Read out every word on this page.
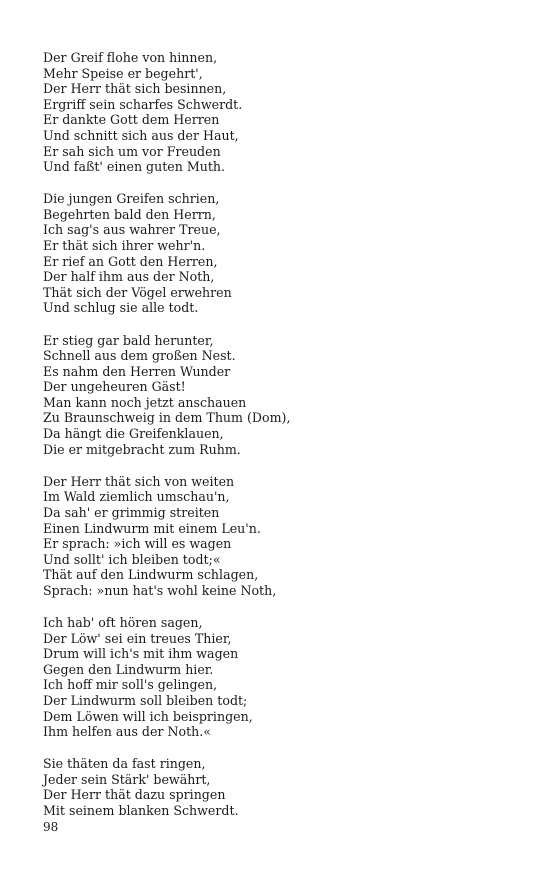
Der Greif flohe von hinnen,
Mehr Speise er begehrt',
Der Herr thät sich besinnen,
Ergriff sein scharfes Schwerdt.
Er dankte Gott dem Herren
Und schnitt sich aus der Haut,
Er sah sich um vor Freuden
Und faßt' einen guten Muth.
Die jungen Greifen schrien,
Begehrten bald den Herrn,
Ich sag's aus wahrer Treue,
Er thät sich ihrer wehr'n.
Er rief an Gott den Herren,
Der half ihm aus der Noth,
Thät sich der Vögel erwehren
Und schlug sie alle todt.
Er stieg gar bald herunter,
Schnell aus dem großen Nest.
Es nahm den Herren Wunder
Der ungeheuren Gäst!
Man kann noch jetzt anschauen
Zu Braunschweig in dem Thum (Dom),
Da hängt die Greifenklauen,
Die er mitgebracht zum Ruhm.
Der Herr thät sich von weiten
Im Wald ziemlich umschau'n,
Da sah' er grimmig streiten
Einen Lindwurm mit einem Leu'n.
Er sprach: »ich will es wagen
Und sollt' ich bleiben todt;«
Thät auf den Lindwurm schlagen,
Sprach: »nun hat's wohl keine Noth,
Ich hab' oft hören sagen,
Der Löw' sei ein treues Thier,
Drum will ich's mit ihm wagen
Gegen den Lindwurm hier.
Ich hoff mir soll's gelingen,
Der Lindwurm soll bleiben todt;
Dem Löwen will ich beispringen,
Ihm helfen aus der Noth.«
Sie thäten da fast ringen,
Jeder sein Stärk' bewährt,
Der Herr thät dazu springen
Mit seinem blanken Schwerdt.
98
